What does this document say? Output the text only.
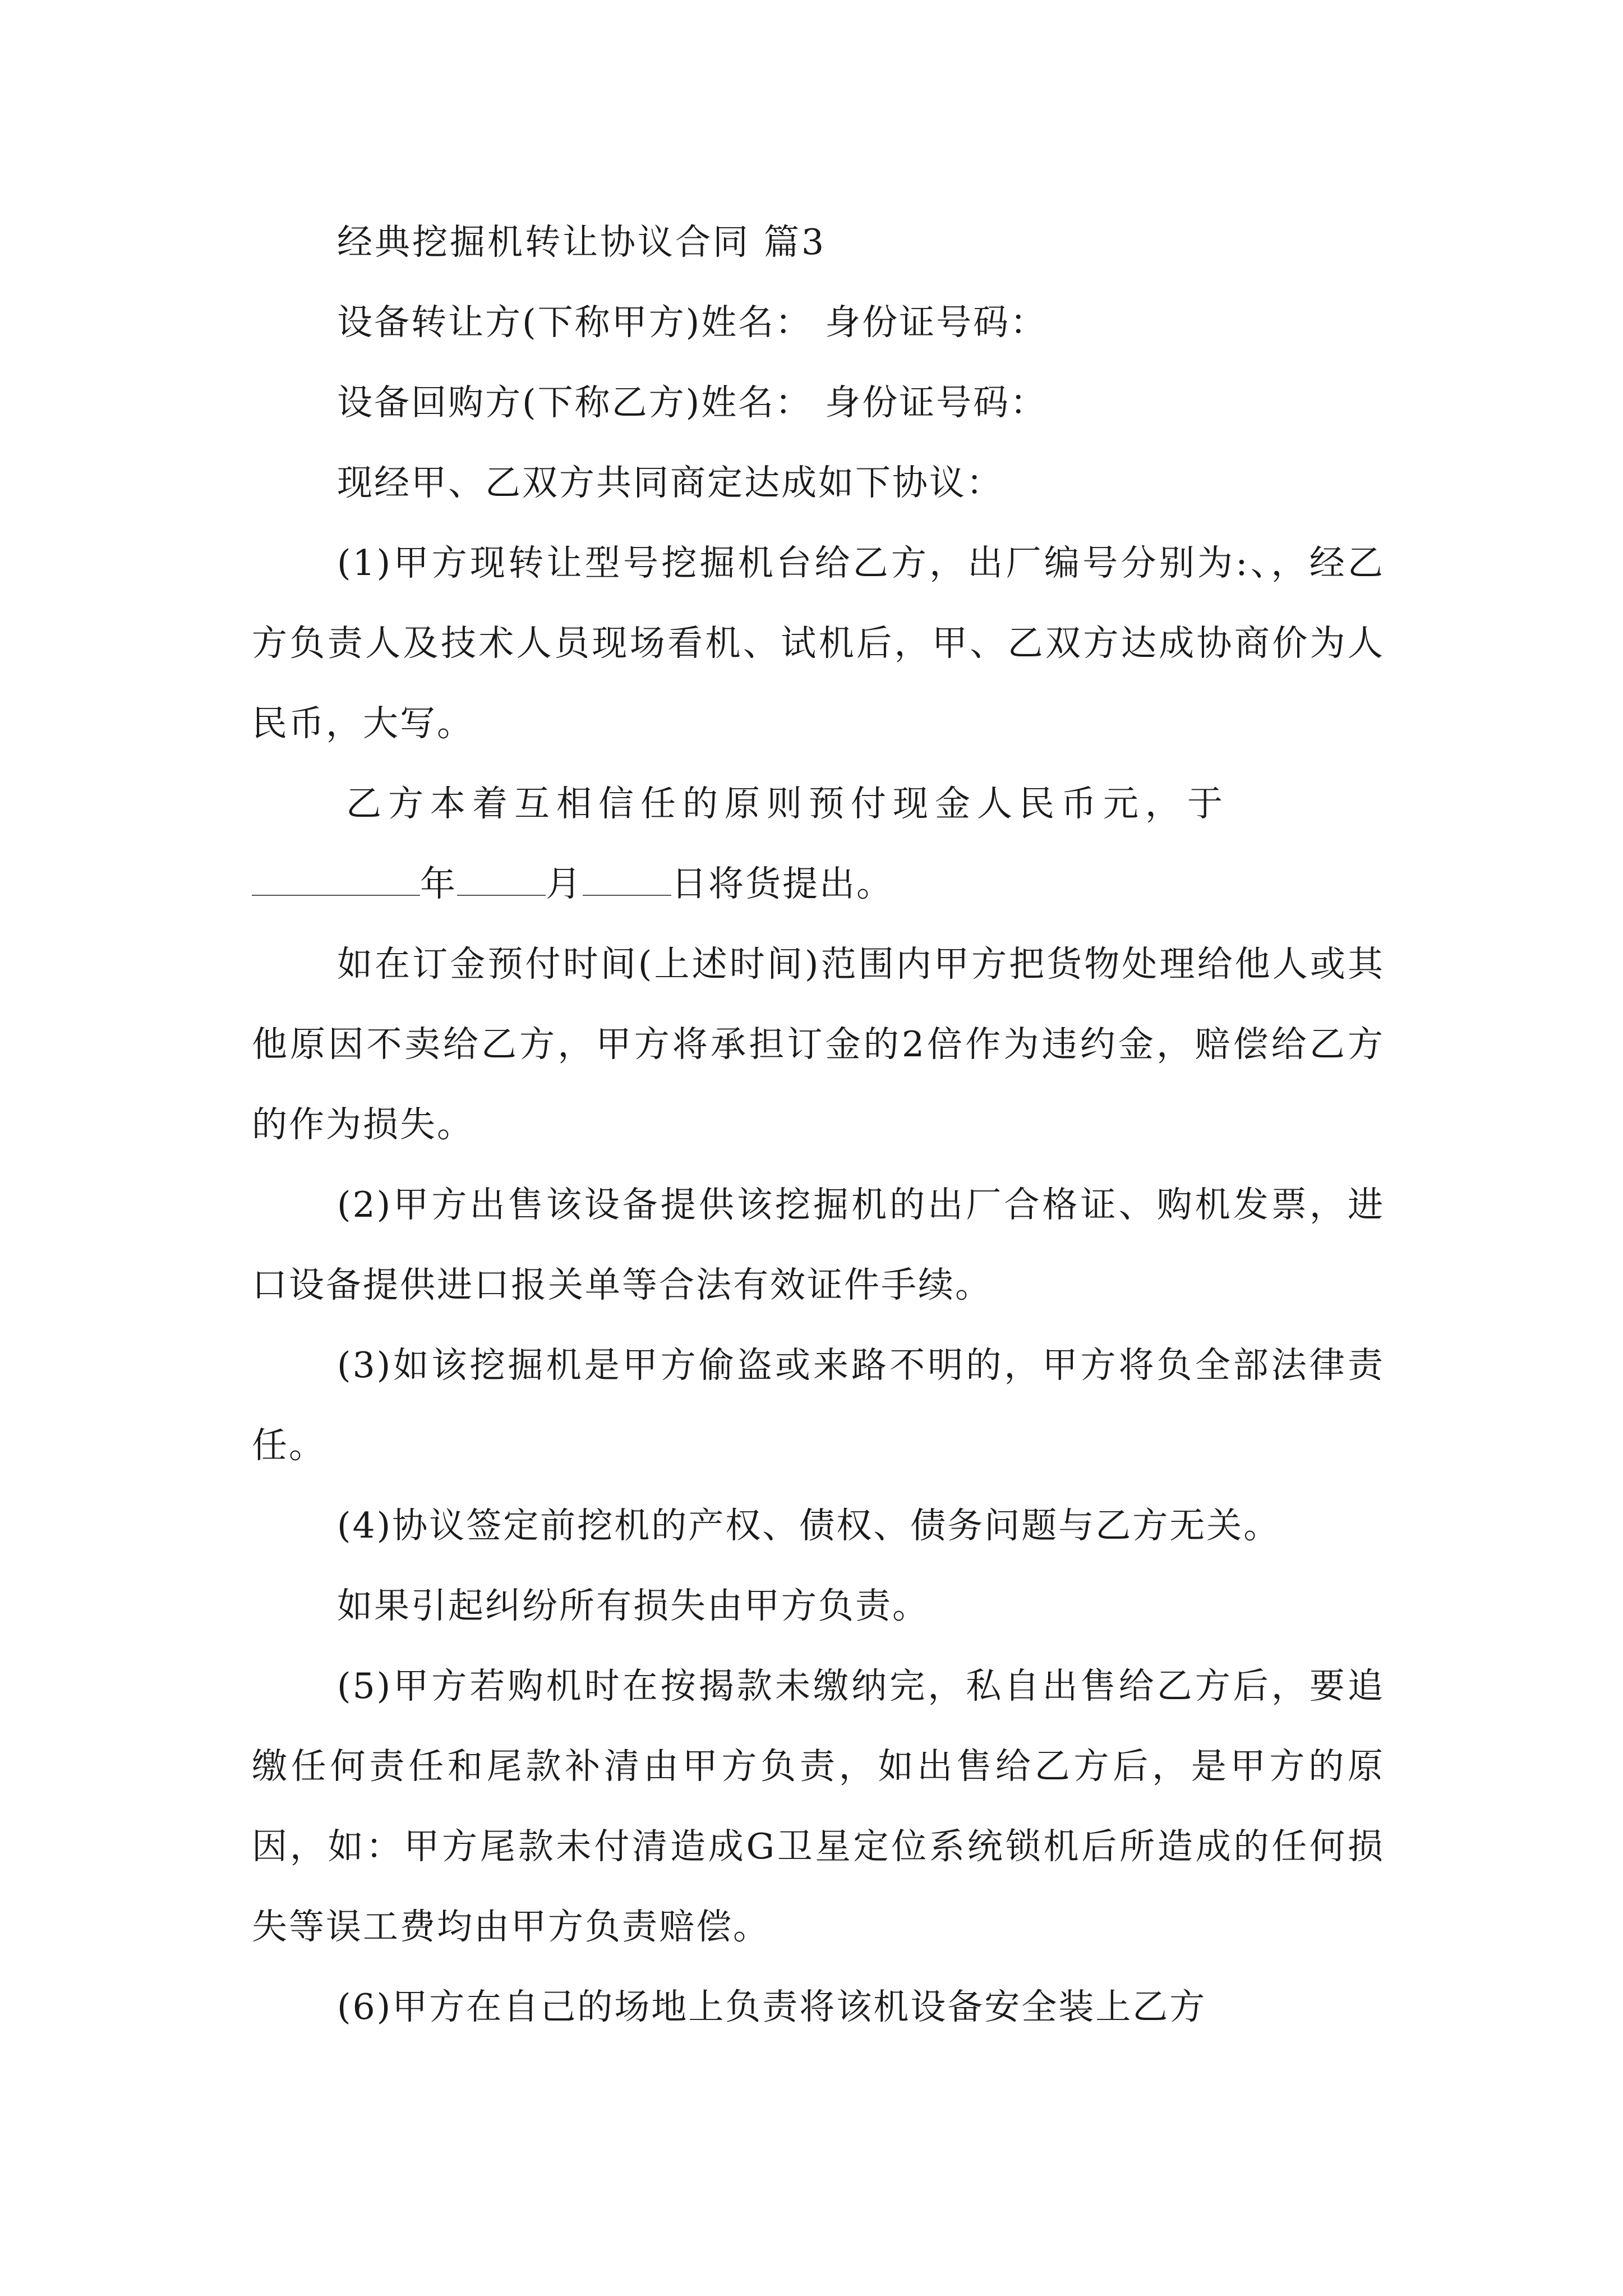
经典挖掘机转让协议合同 篇3

设备转让方(下称甲方)姓名： 身份证号码：

设备回购方(下称乙方)姓名： 身份证号码：

现经甲、乙双方共同商定达成如下协议：

(1)甲方现转让型号挖掘机台给乙方，出厂编号分别为:、，经乙方负责人及技术人员现场看机、试机后，甲、乙双方达成协商价为人民币，大写。

乙方本着互相信任的原则预付现金人民币元，于

年	月	日将货提出。

如在订金预付时间(上述时间)范围内甲方把货物处理给他人或其他原因不卖给乙方，甲方将承担订金的2倍作为违约金，赔偿给乙方的作为损失。

(2)甲方出售该设备提供该挖掘机的出厂合格证、购机发票，进口设备提供进口报关单等合法有效证件手续。

(3)如该挖掘机是甲方偷盗或来路不明的，甲方将负全部法律责任。

(4)协议签定前挖机的产权、债权、债务问题与乙方无关。

如果引起纠纷所有损失由甲方负责。

(5)甲方若购机时在按揭款未缴纳完，私自出售给乙方后，要追缴任何责任和尾款补清由甲方负责，如出售给乙方后，是甲方的原因，如：甲方尾款未付清造成G卫星定位系统锁机后所造成的任何损失等误工费均由甲方负责赔偿。

(6)甲方在自己的场地上负责将该机设备安全装上乙方
